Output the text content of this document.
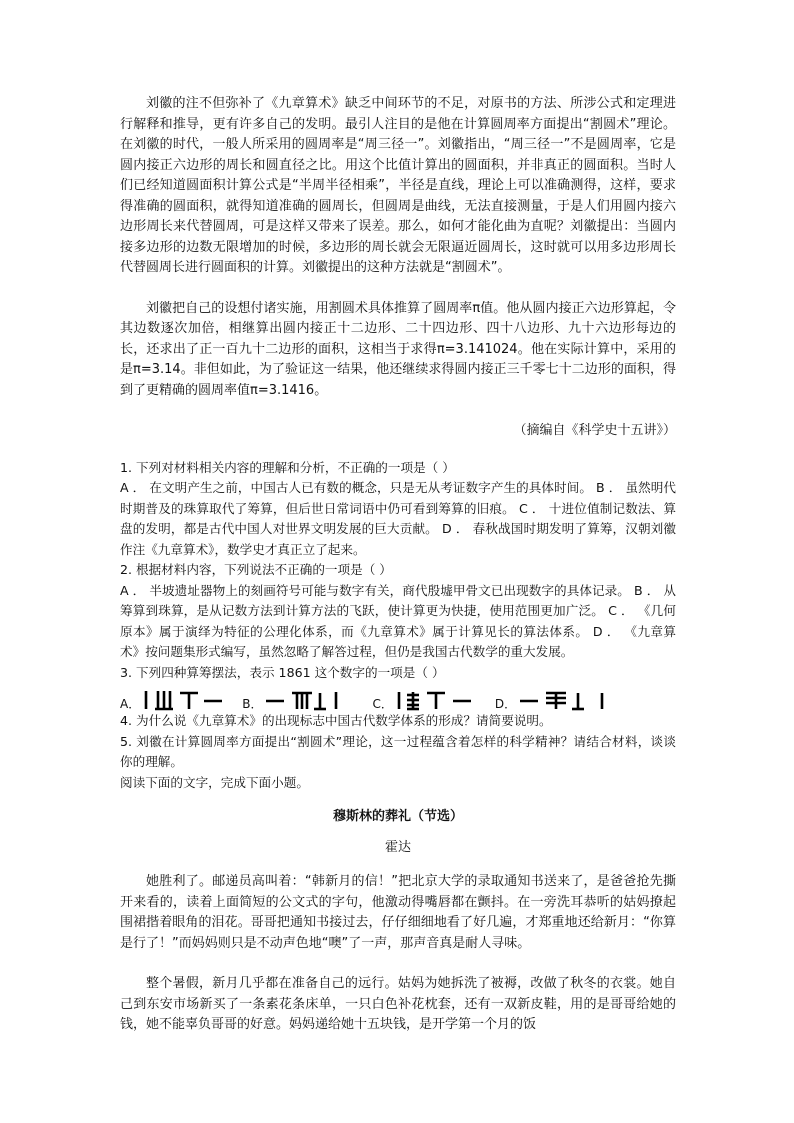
刘徽的注不但弥补了《九章算术》缺乏中间环节的不足，对原书的方法、所涉公式和定理进行解释和推导，更有许多自己的发明。最引人注目的是他在计算圆周率方面提出“割圆术”理论。在刘徽的时代，一般人所采用的圆周率是“周三径一”。刘徽指出，“周三径一”不是圆周率，它是圆内接正六边形的周长和圆直径之比。用这个比值计算出的圆面积，并非真正的圆面积。当时人们已经知道圆面积计算公式是“半周半径相乘”，半径是直线，理论上可以准确测得，这样，要求得准确的圆面积，就得知道准确的圆周长，但圆周是曲线，无法直接测量，于是人们用圆内接六边形周长来代替圆周，可是这样又带来了误差。那么，如何才能化曲为直呢？刘徽提出：当圆内接多边形的边数无限增加的时候，多边形的周长就会无限逼近圆周长，这时就可以用多边形周长代替圆周长进行圆面积的计算。刘徽提出的这种方法就是“割圆术”。

刘徽把自己的设想付诸实施，用割圆术具体推算了圆周率π值。他从圆内接正六边形算起，令其边数逐次加倍，相继算出圆内接正十二边形、二十四边形、四十八边形、九十六边形每边的长，还求出了正一百九十二边形的面积，这相当于求得π=3.141024。他在实际计算中，采用的是π=3.14。非但如此，为了验证这一结果，他还继续求得圆内接正三千零七十二边形的面积，得到了更精确的圆周率值π=3.1416。

（摘编自《科学史十五讲》）

1. 下列对材料相关内容的理解和分析，不正确的一项是（ ）

A ． 在文明产生之前，中国古人已有数的概念，只是无从考证数字产生的具体时间。 B ． 虽然明代时期普及的珠算取代了筹算，但后世日常词语中仍可看到筹算的旧痕。 C ． 十进位值制记数法、算盘的发明，都是古代中国人对世界文明发展的巨大贡献。 D ． 春秋战国时期发明了算筹，汉朝刘徽作注《九章算术》，数学史才真正立了起来。

2. 根据材料内容，下列说法不正确的一项是（ ）

A ． 半坡遗址器物上的刻画符号可能与数字有关，商代殷墟甲骨文已出现数字的具体记录。 B ． 从筹算到珠算，是从记数方法到计算方法的飞跃，使计算更为快捷，使用范围更加广泛。 C ． 《几何原本》属于演绎为特征的公理化体系，而《九章算术》属于计算见长的算法体系。 D ． 《九章算术》按问题集形式编写，虽然忽略了解答过程，但仍是我国古代数学的重大发展。

3. 下列四种算筹摆法，表示 1861 这个数字的一项是（ ）

A．	B．	C．	D．

4. 为什么说《九章算术》的出现标志中国古代数学体系的形成？请简要说明。

5. 刘徽在计算圆周率方面提出“割圆术”理论，这一过程蕴含着怎样的科学精神？请结合材料，谈谈你的理解。

阅读下面的文字，完成下面小题。

穆斯林的葬礼（节选）

霍达

她胜利了。邮递员高叫着：“韩新月的信！”把北京大学的录取通知书送来了，是爸爸抢先撕开来看的，读着上面简短的公文式的字句，他激动得嘴唇都在颤抖。在一旁洗耳恭听的姑妈撩起围裙揩着眼角的泪花。哥哥把通知书接过去，仔仔细细地看了好几遍，才郑重地还给新月：“你算是行了！”而妈妈则只是不动声色地“噢”了一声，那声音真是耐人寻味。

整个暑假，新月几乎都在准备自己的远行。姑妈为她拆洗了被褥，改做了秋冬的衣裳。她自己到东安市场新买了一条素花条床单，一只白色补花枕套，还有一双新皮鞋，用的是哥哥给她的钱，她不能辜负哥哥的好意。妈妈递给她十五块钱，是开学第一个月的饭
